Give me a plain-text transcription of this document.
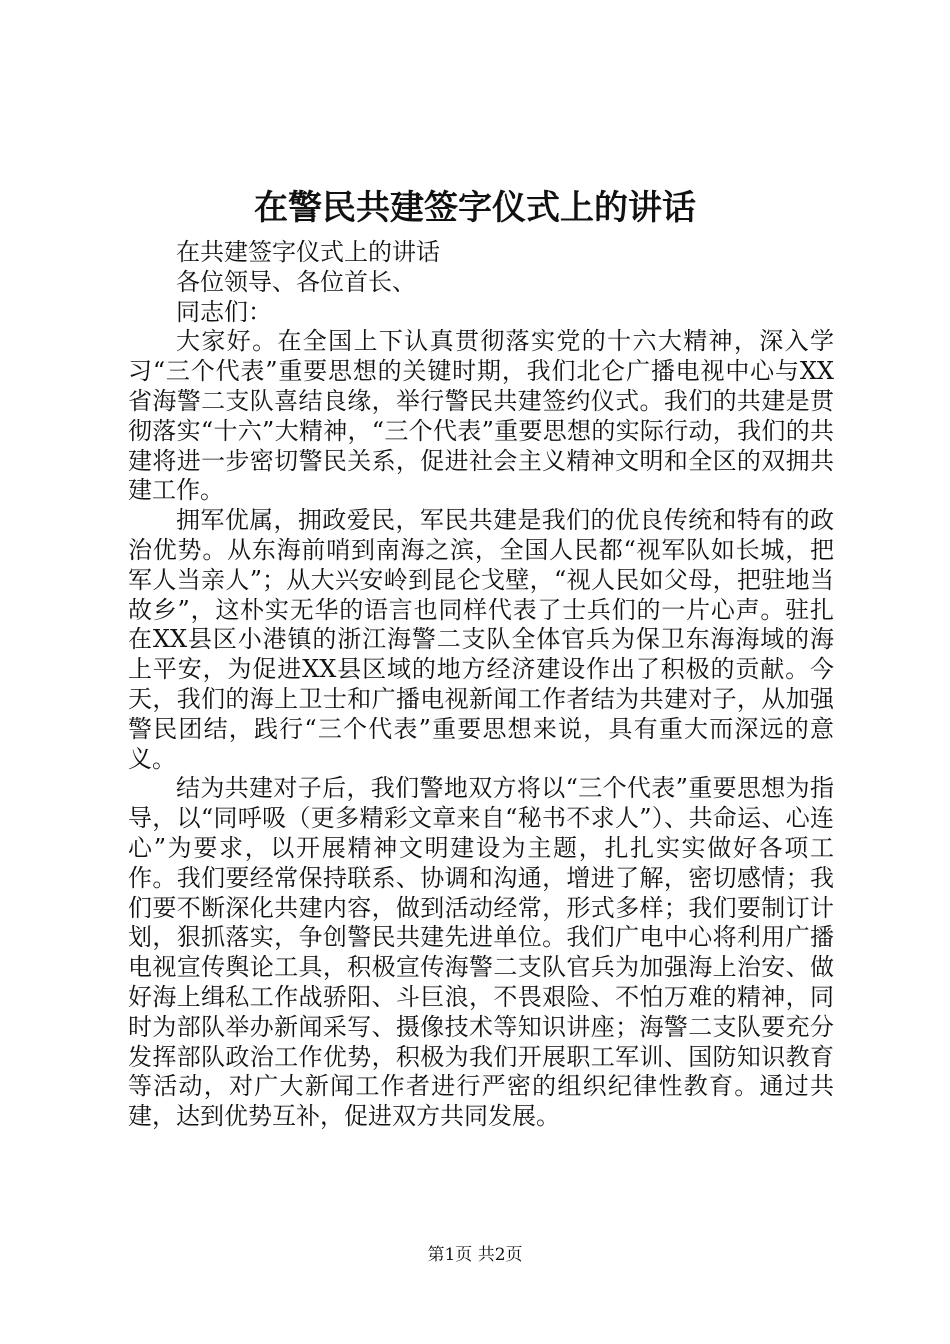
在警民共建签字仪式上的讲话

在共建签字仪式上的讲话

各位领导、各位首长、

同志们：

大家好。在全国上下认真贯彻落实党的十六大精神，深入学习“三个代表”重要思想的关键时期，我们北仑广播电视中心与XX省海警二支队喜结良缘，举行警民共建签约仪式。我们的共建是贯彻落实“十六”大精神，“三个代表”重要思想的实际行动，我们的共建将进一步密切警民关系，促进社会主义精神文明和全区的双拥共建工作。

拥军优属，拥政爱民，军民共建是我们的优良传统和特有的政治优势。从东海前哨到南海之滨，全国人民都“视军队如长城，把军人当亲人”；从大兴安岭到昆仑戈壁，“视人民如父母，把驻地当故乡”，这朴实无华的语言也同样代表了士兵们的一片心声。驻扎在XX县区小港镇的浙江海警二支队全体官兵为保卫东海海域的海上平安，为促进XX县区域的地方经济建设作出了积极的贡献。今天，我们的海上卫士和广播电视新闻工作者结为共建对子，从加强警民团结，践行“三个代表”重要思想来说，具有重大而深远的意义。

结为共建对子后，我们警地双方将以“三个代表”重要思想为指导，以“同呼吸（更多精彩文章来自“秘书不求人”）、共命运、心连心”为要求，以开展精神文明建设为主题，扎扎实实做好各项工作。我们要经常保持联系、协调和沟通，增进了解，密切感情；我们要不断深化共建内容，做到活动经常，形式多样；我们要制订计划，狠抓落实，争创警民共建先进单位。我们广电中心将利用广播电视宣传舆论工具，积极宣传海警二支队官兵为加强海上治安、做好海上缉私工作战骄阳、斗巨浪，不畏艰险、不怕万难的精神，同时为部队举办新闻采写、摄像技术等知识讲座；海警二支队要充分发挥部队政治工作优势，积极为我们开展职工军训、国防知识教育等活动，对广大新闻工作者进行严密的组织纪律性教育。通过共建，达到优势互补，促进双方共同发展。

第1页 共2页
